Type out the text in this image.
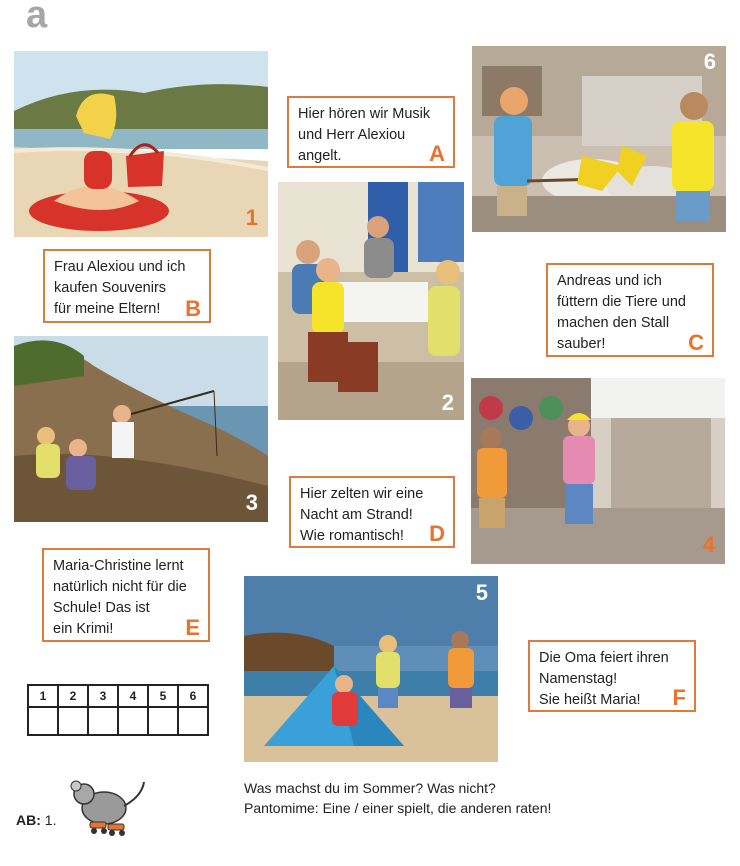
a
1
6
2
3
4
5
Hier hören wir Musik
und Herr Alexiou
angelt.	A
Frau Alexiou und ich
kaufen Souvenirs
für meine Eltern!	B
Andreas und ich
füttern die Tiere und
machen den Stall
sauber!	C
Hier zelten wir eine
Nacht am Strand!
Wie romantisch!	D
Maria-Christine lernt
natürlich nicht für die
Schule! Das ist
ein Krimi!	E
Die Oma feiert ihren
Namenstag!
Sie heißt Maria!	F
1	2	3	4	5	6

Was machst du im Sommer? Was nicht?
Pantomime: Eine / einer spielt, die anderen raten!
AB: 1.
